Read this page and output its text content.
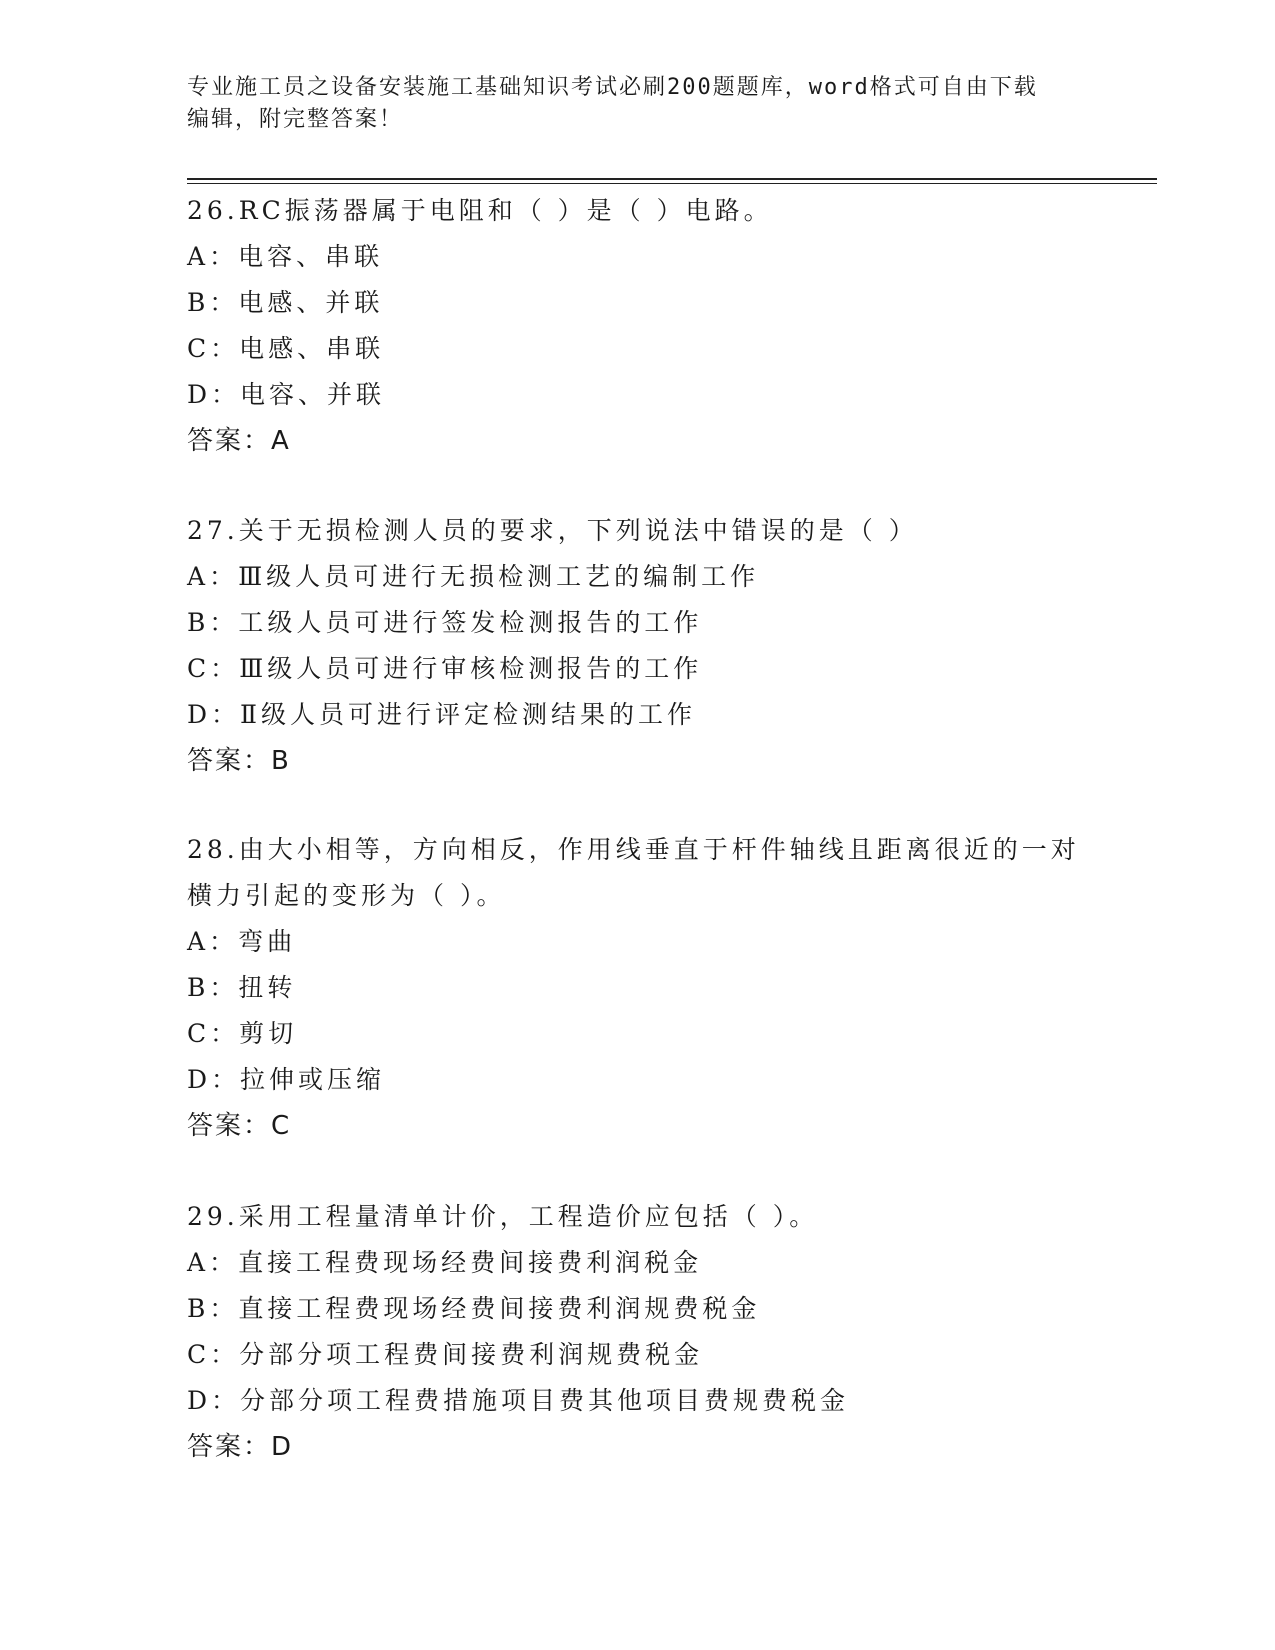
专业施工员之设备安装施工基础知识考试必刷200题题库，word格式可自由下载
编辑，附完整答案！

26.RC振荡器属于电阻和（ ）是（ ）电路。

A：电容、串联

B：电感、并联

C：电感、串联

D：电容、并联

答案：A

27.关于无损检测人员的要求，下列说法中错误的是（ ）

A：Ⅲ级人员可进行无损检测工艺的编制工作

B：工级人员可进行签发检测报告的工作

C：Ⅲ级人员可进行审核检测报告的工作

D：Ⅱ级人员可进行评定检测结果的工作

答案：B

28.由大小相等，方向相反，作用线垂直于杆件轴线且距离很近的一对

横力引起的变形为（ ）。

A：弯曲

B：扭转

C：剪切

D：拉伸或压缩

答案：C

29.采用工程量清单计价，工程造价应包括（ ）。

A：直接工程费现场经费间接费利润税金

B：直接工程费现场经费间接费利润规费税金

C：分部分项工程费间接费利润规费税金

D：分部分项工程费措施项目费其他项目费规费税金

答案：D
